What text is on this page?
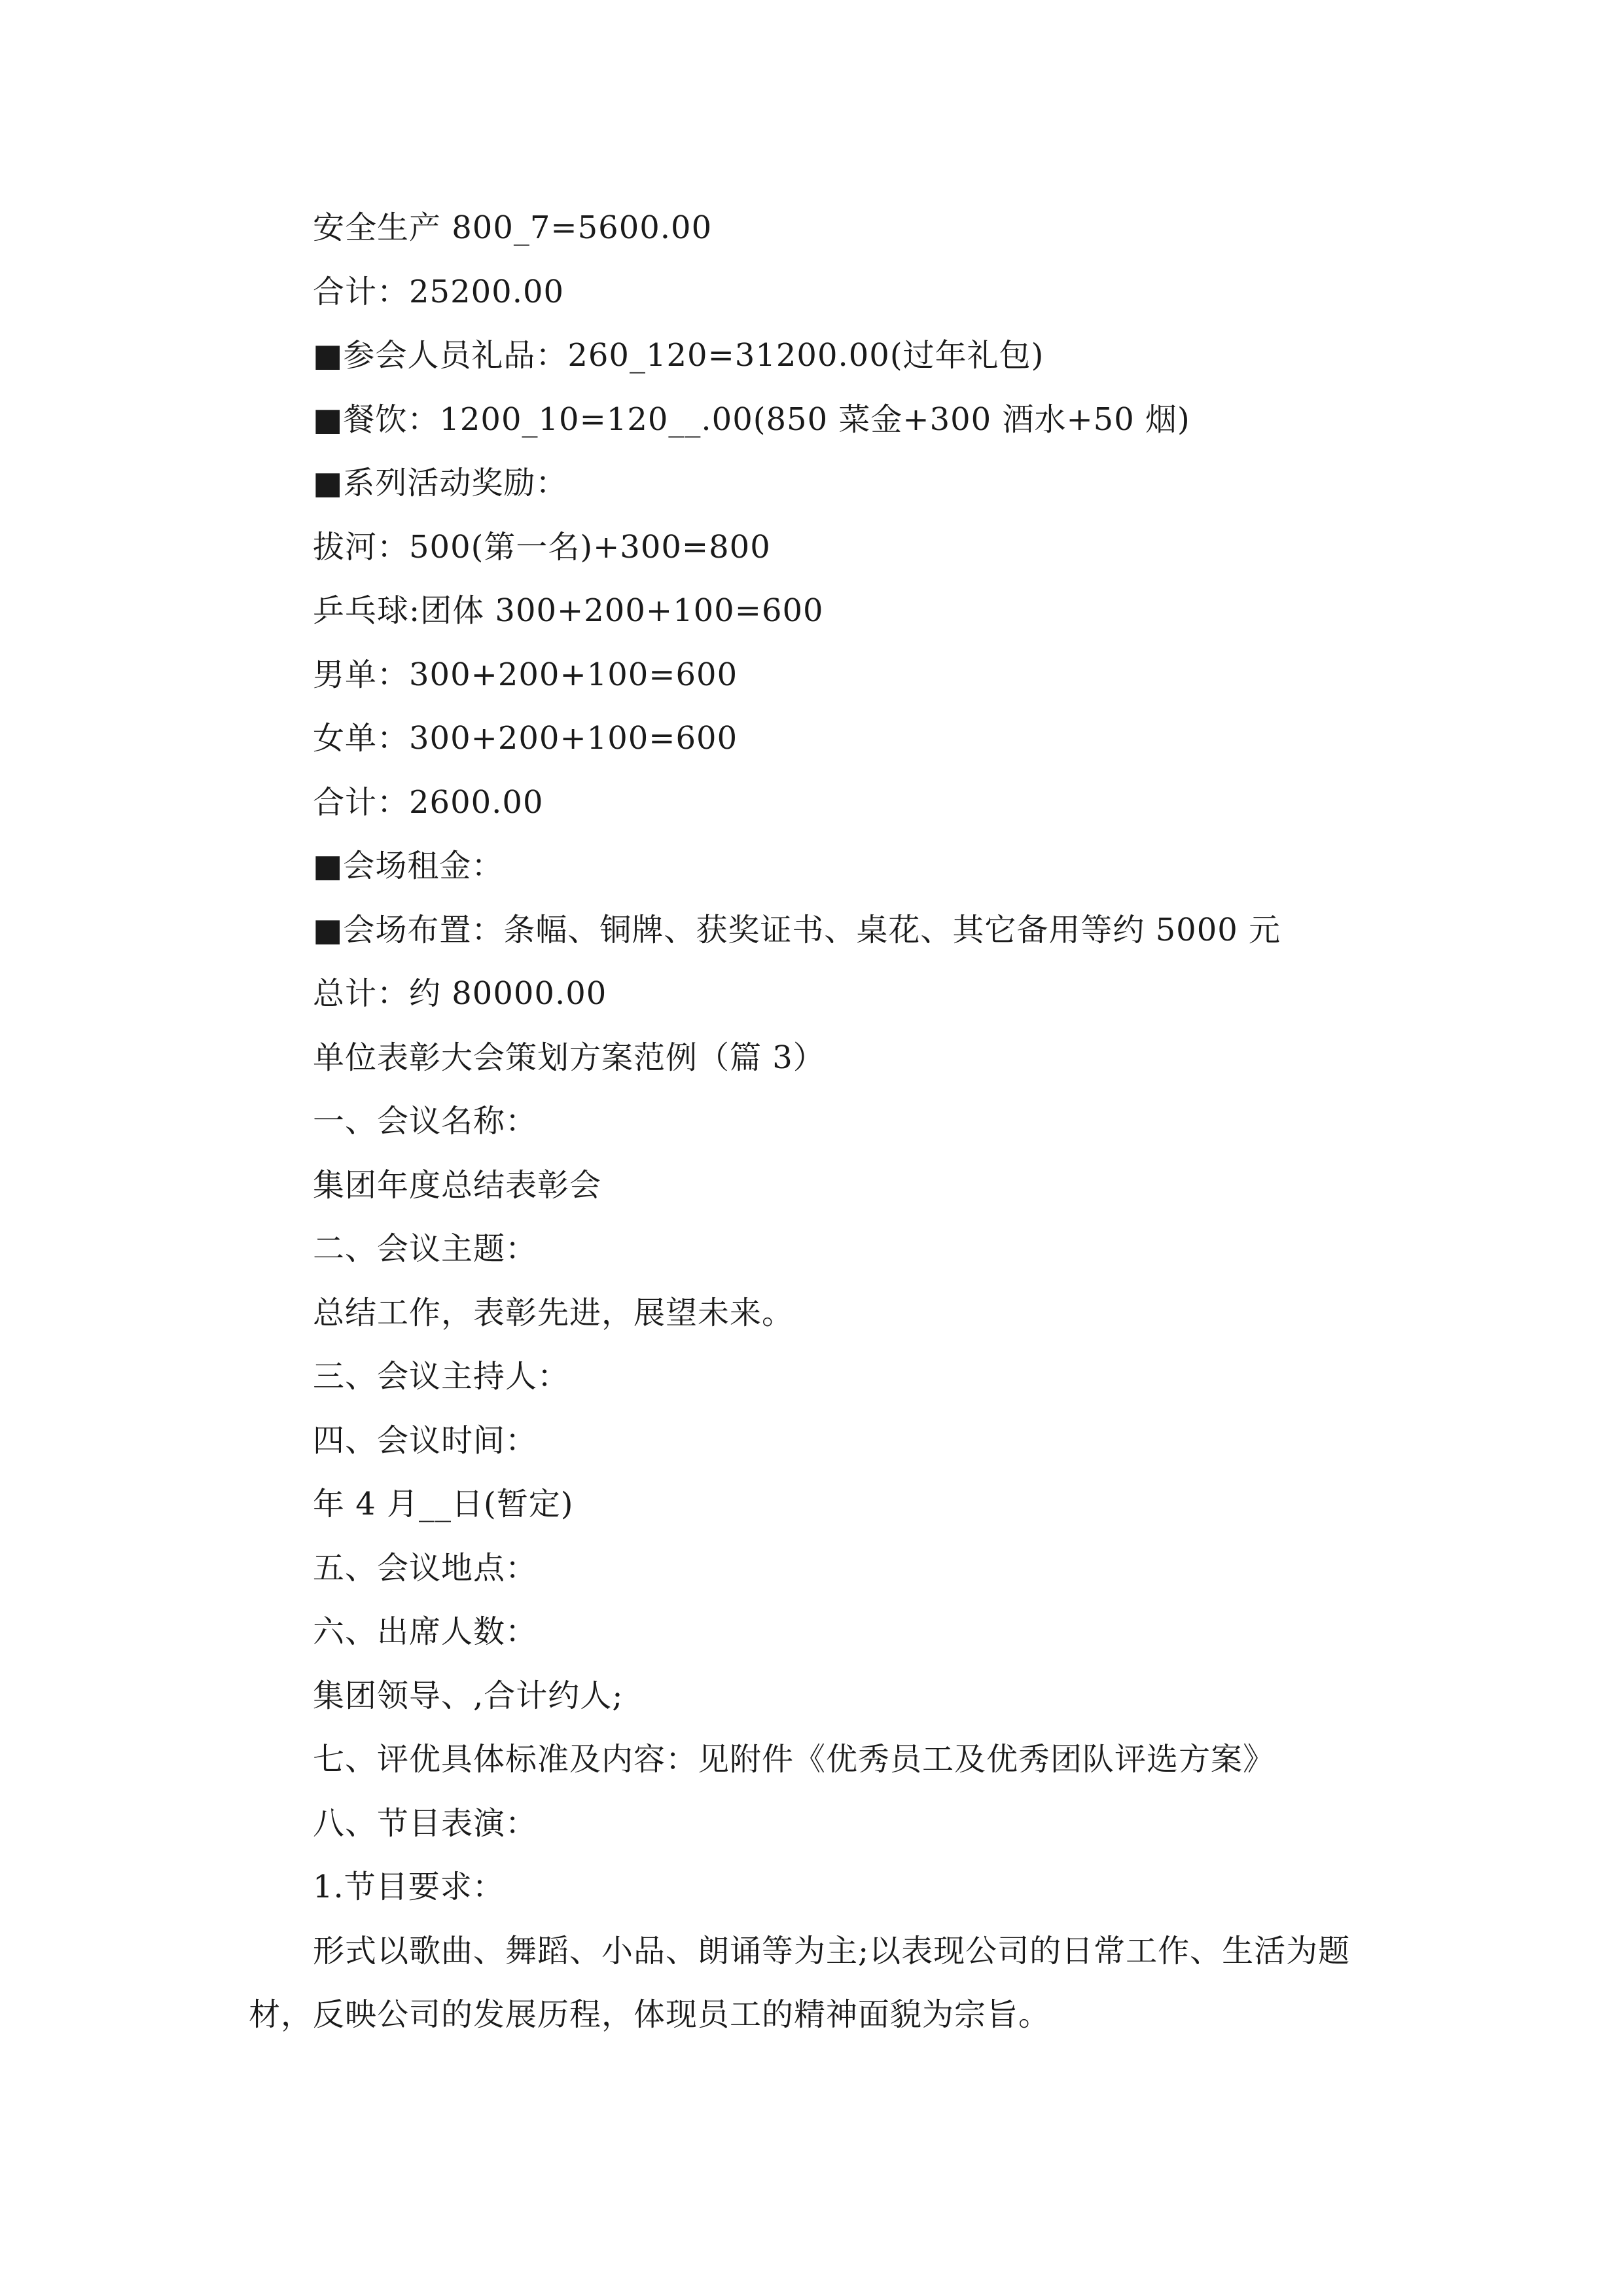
安全生产 800_7=5600.00
合计：25200.00
■参会人员礼品：260_120=31200.00(过年礼包)
■餐饮：1200_10=120__.00(850 菜金+300 酒水+50 烟)
■系列活动奖励：
拔河：500(第一名)+300=800
乒乓球:团体 300+200+100=600
男单：300+200+100=600
女单：300+200+100=600
合计：2600.00
■会场租金：
■会场布置：条幅、铜牌、获奖证书、桌花、其它备用等约 5000 元
总计：约 80000.00
单位表彰大会策划方案范例（篇 3）
一、会议名称：
集团年度总结表彰会
二、会议主题：
总结工作，表彰先进，展望未来。
三、会议主持人：
四、会议时间：
年 4 月__日(暂定)
五、会议地点：
六、出席人数：
集团领导、,合计约人;
七、评优具体标准及内容：见附件《优秀员工及优秀团队评选方案》
八、节目表演：
1.节目要求：
形式以歌曲、舞蹈、小品、朗诵等为主;以表现公司的日常工作、生活为题材，反映公司的发展历程，体现员工的精神面貌为宗旨。
